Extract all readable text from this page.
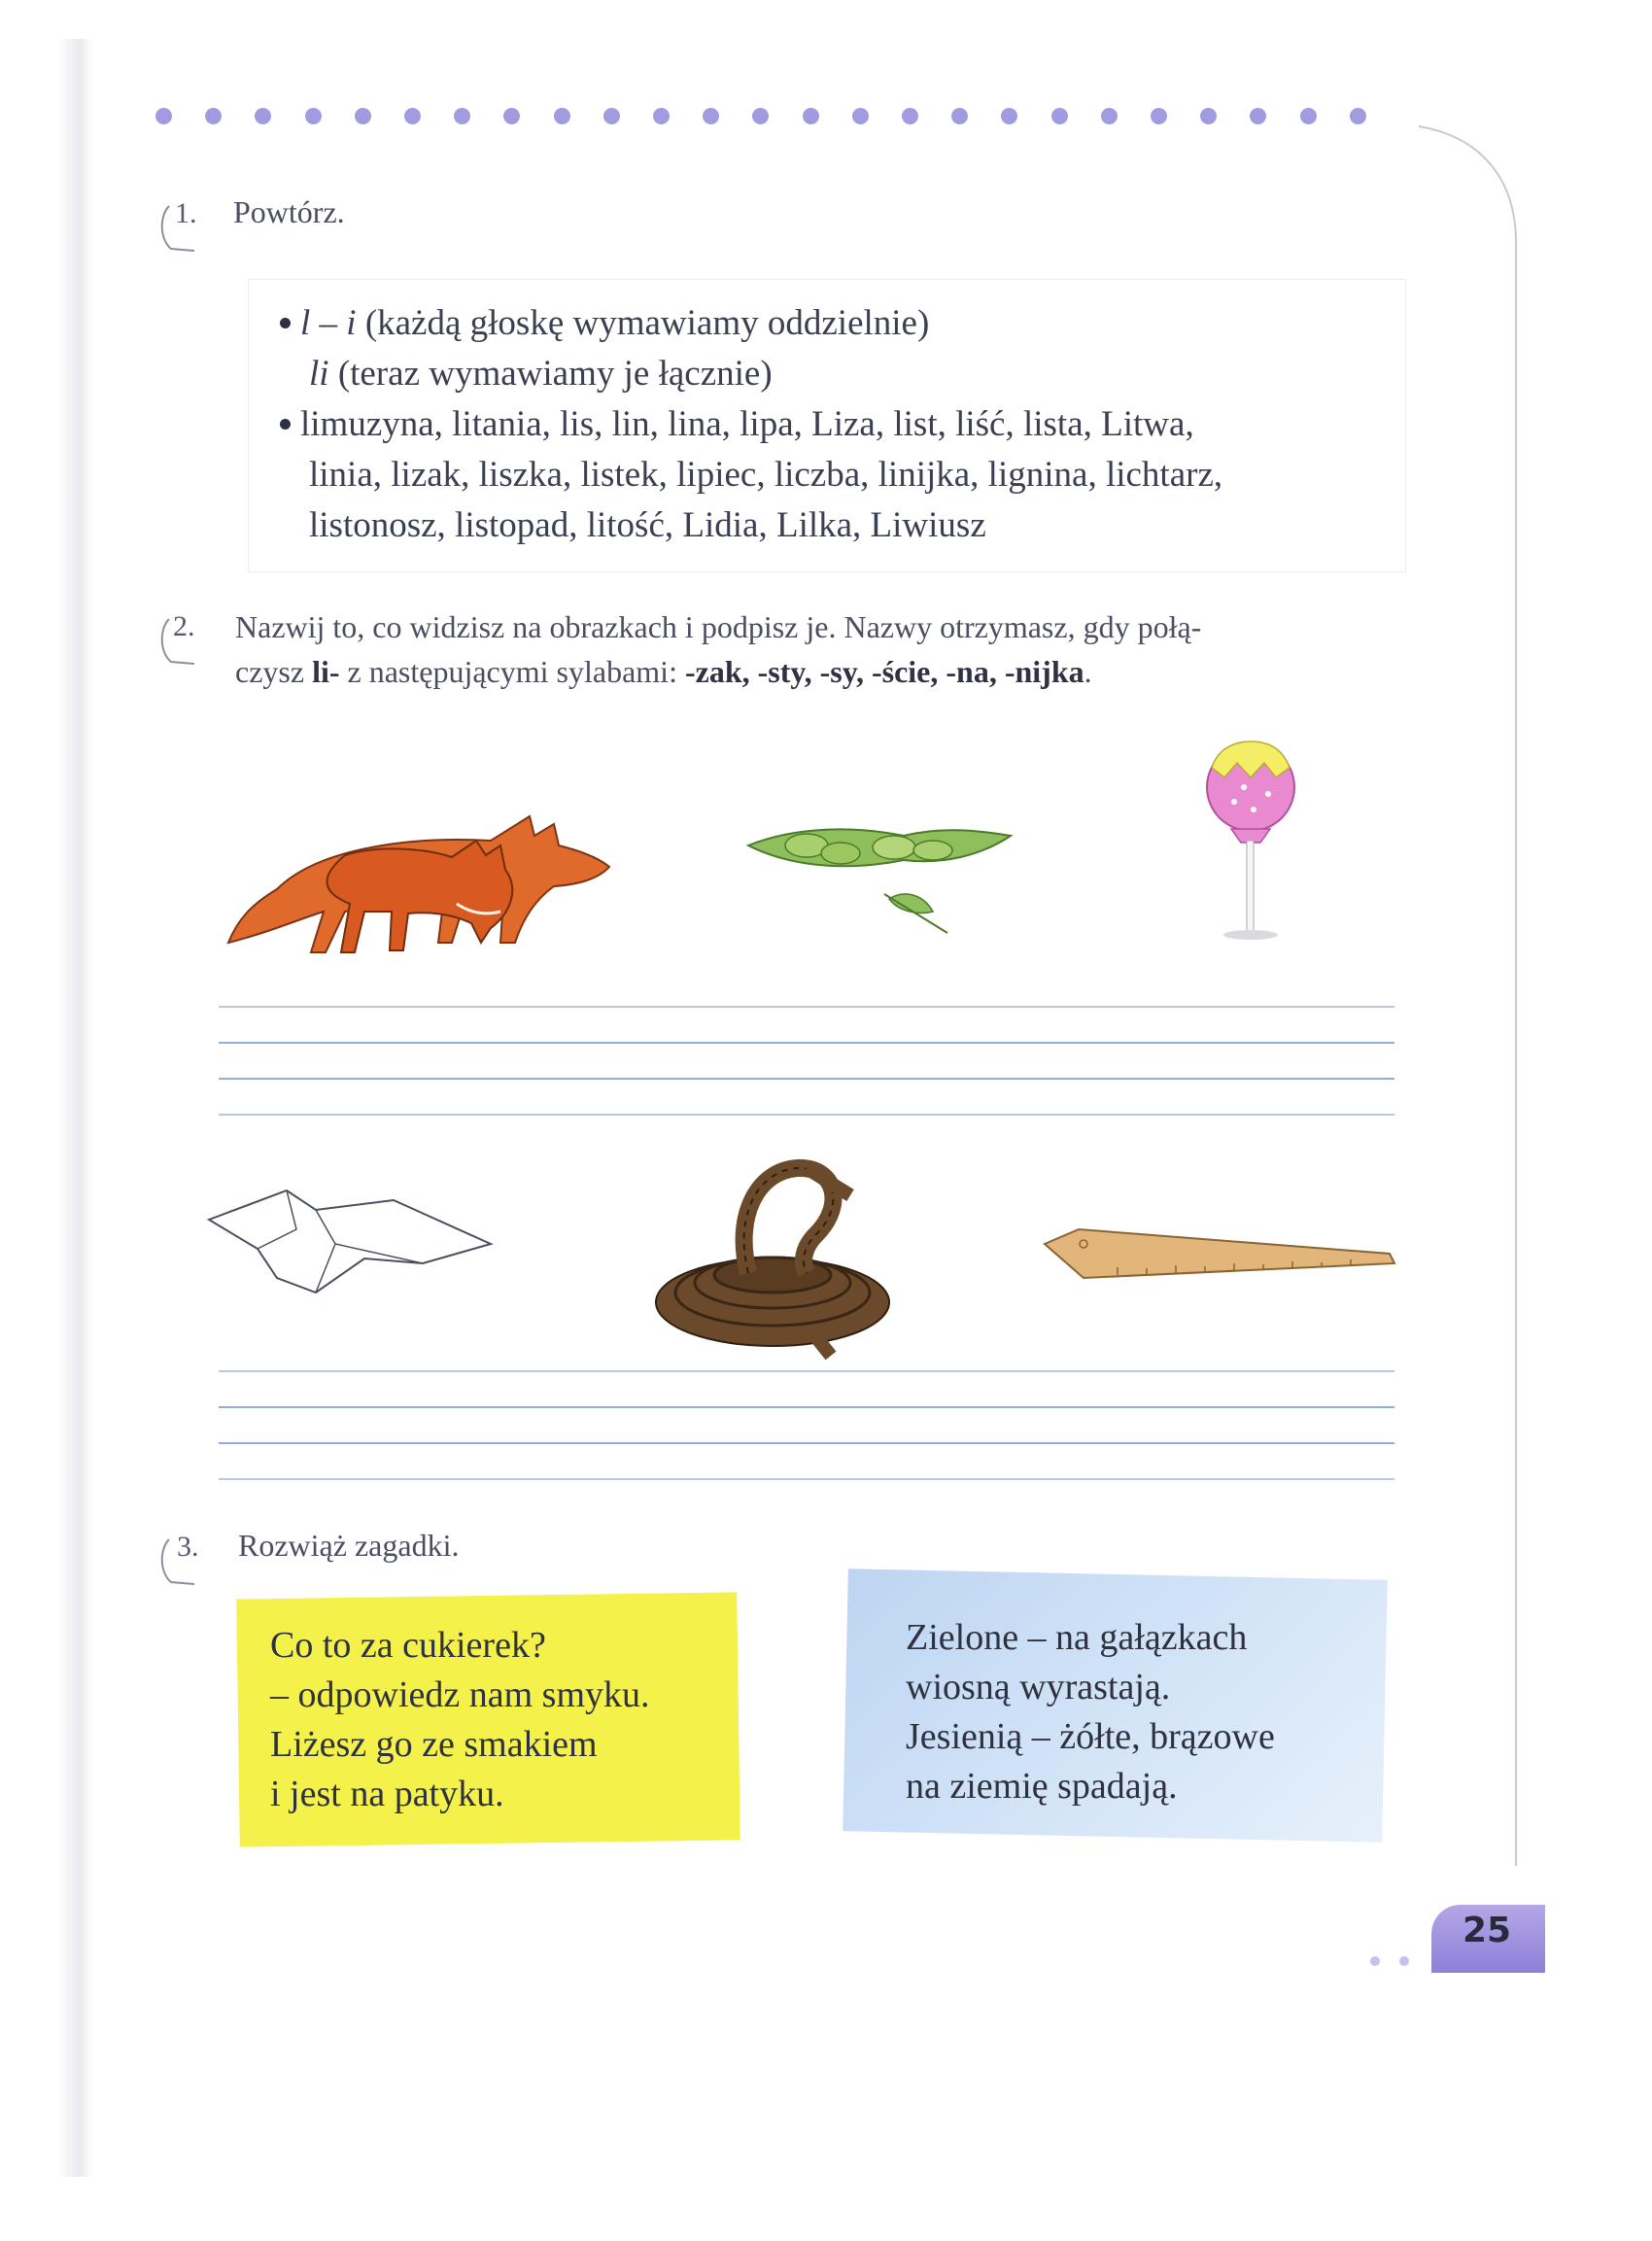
1. Powtórz.
l – i (każdą głoskę wymawiamy oddzielnie)
li (teraz wymawiamy je łącznie)
limuzyna, litania, lis, lin, lina, lipa, Liza, list, liść, lista, Litwa,
linia, lizak, liszka, listek, lipiec, liczba, linijka, lignina, lichtarz,
listonosz, listopad, litość, Lidia, Lilka, Liwiusz
2. Nazwij to, co widzisz na obrazkach i podpisz je. Nazwy otrzymasz, gdy połą-
czysz li- z następującymi sylabami: -zak, -sty, -sy, -ście, -na, -nijka.
3. Rozwiąż zagadki.
Co to za cukierek?
– odpowiedz nam smyku.
Liżesz go ze smakiem
i jest na patyku.
Zielone – na gałązkach
wiosną wyrastają.
Jesienią – żółte, brązowe
na ziemię spadają.
25
